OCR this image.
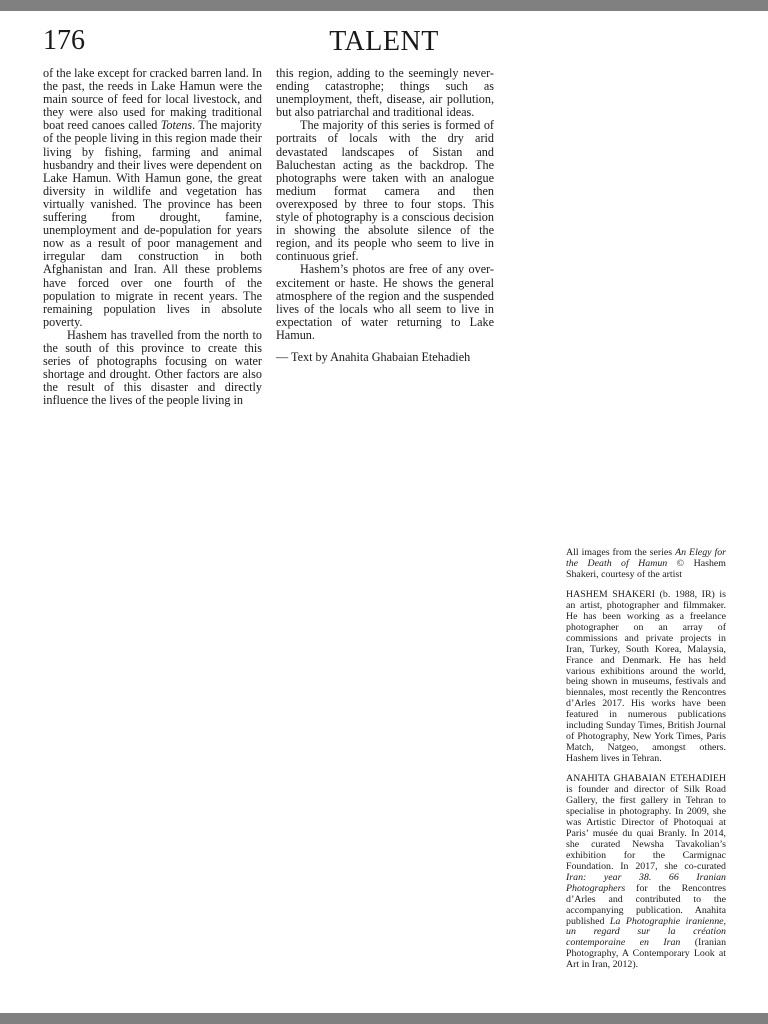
176	TALENT

of the lake except for cracked barren land. In the past, the reeds in Lake Hamun were the main source of feed for local livestock, and they were also used for making traditional boat reed canoes called Totens. The majority of the people living in this region made their living by fishing, farming and animal husbandry and their lives were dependent on Lake Hamun. With Hamun gone, the great diversity in wildlife and vegetation has virtually vanished. The province has been suffering from drought, famine, unemployment and de-population for years now as a result of poor management and irregular dam construction in both Afghanistan and Iran. All these problems have forced over one fourth of the population to migrate in recent years. The remaining population lives in absolute poverty.

Hashem has travelled from the north to the south of this province to create this series of photographs focusing on water shortage and drought. Other factors are also the result of this disaster and directly influence the lives of the people living in

this region, adding to the seemingly never-ending catastrophe; things such as unemployment, theft, disease, air pollution, but also patriarchal and traditional ideas.

The majority of this series is formed of portraits of locals with the dry arid devastated landscapes of Sistan and Baluchestan acting as the backdrop. The photographs were taken with an analogue medium format camera and then overexposed by three to four stops. This style of photography is a conscious decision in showing the absolute silence of the region, and its people who seem to live in continuous grief.

Hashem’s photos are free of any over-excitement or haste. He shows the general atmosphere of the region and the suspended lives of the locals who all seem to live in expectation of water returning to Lake Hamun.

— Text by Anahita Ghabaian Etehadieh

All images from the series An Elegy for the Death of Hamun © Hashem Shakeri, courtesy of the artist

HASHEM SHAKERI (b. 1988, IR) is an artist, photographer and filmmaker. He has been working as a freelance photographer on an array of commissions and private projects in Iran, Turkey, South Korea, Malaysia, France and Denmark. He has held various exhibitions around the world, being shown in museums, festivals and biennales, most recently the Rencontres d’Arles 2017. His works have been featured in numerous publications including Sunday Times, British Journal of Photography, New York Times, Paris Match, Natgeo, amongst others. Hashem lives in Tehran.

ANAHITA GHABAIAN ETEHADIEH is founder and director of Silk Road Gallery, the first gallery in Tehran to specialise in photography. In 2009, she was Artistic Director of Photoquai at Paris’ musée du quai Branly. In 2014, she curated Newsha Tavakolian’s exhibition for the Carmignac Foundation. In 2017, she co-curated Iran: year 38. 66 Iranian Photographers for the Rencontres d’Arles and contributed to the accompanying publication. Anahita published La Photographie iranienne, un regard sur la création contemporaine en Iran (Iranian Photography, A Contemporary Look at Art in Iran, 2012).
